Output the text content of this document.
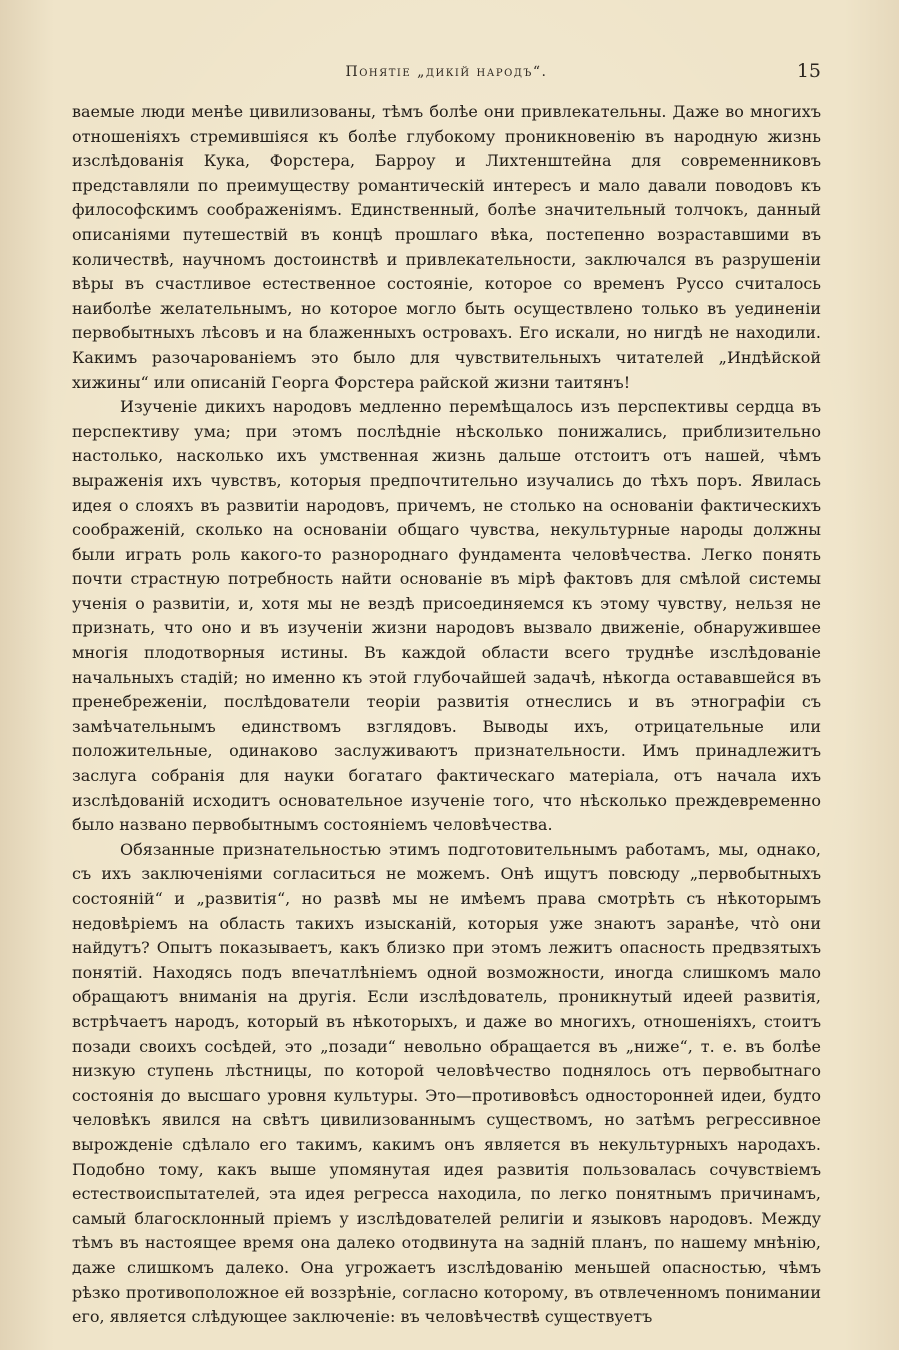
Понятiе „дикiй народъ“.	15

ваемые люди менѣе цивилизованы, тѣмъ болѣе они привлекательны. Даже во многихъ отношенiяхъ стремившiяся къ болѣе глубокому проникновенiю въ народную жизнь изслѣдованiя Кука, Форстера, Барроу и Лихтенштейна для современниковъ представляли по преимуществу романтическiй интересъ и мало давали поводовъ къ философскимъ соображенiямъ. Единственный, болѣе значительный толчокъ, данный описанiями путешествiй въ концѣ прошлаго вѣка, постепенно возраставшими въ количествѣ, научномъ достоинствѣ и привлекательности, заключался въ разрушенiи вѣры въ счастливое естественное состоянiе, которое со временъ Руссо считалось наиболѣе желательнымъ, но которое могло быть осуществлено только въ уединенiи первобытныхъ лѣсовъ и на блаженныхъ островахъ. Его искали, но нигдѣ не находили. Какимъ разочарованiемъ это было для чувствительныхъ читателей „Индѣйской хижины“ или описанiй Георга Форстера райской жизни таитянъ!

Изученiе дикихъ народовъ медленно перемѣщалось изъ перспективы сердца въ перспективу ума; при этомъ послѣднiе нѣсколько понижались, приблизительно настолько, насколько ихъ умственная жизнь дальше отстоитъ отъ нашей, чѣмъ выраженiя ихъ чувствъ, которыя предпочтительно изучались до тѣхъ поръ. Явилась идея о слояхъ въ развитiи народовъ, причемъ, не столько на основанiи фактическихъ соображенiй, сколько на основанiи общаго чувства, некультурные народы должны были играть роль какого-то разнороднаго фундамента человѣчества. Легко понять почти страстную потребность найти основанiе въ мiрѣ фактовъ для смѣлой системы ученiя о развитiи, и, хотя мы не вездѣ присоединяемся къ этому чувству, нельзя не признать, что оно и въ изученiи жизни народовъ вызвало движенiе, обнаружившее многiя плодотворныя истины. Въ каждой области всего труднѣе изслѣдованiе начальныхъ стадiй; но именно къ этой глубочайшей задачѣ, нѣкогда остававшейся въ пренебреженiи, послѣдователи теорiи развитiя отнеслись и въ этнографiи съ замѣчательнымъ единствомъ взглядовъ. Выводы ихъ, отрицательные или положительные, одинаково заслуживаютъ признательности. Имъ принадлежитъ заслуга собранiя для науки богатаго фактическаго матерiала, отъ начала ихъ изслѣдованiй исходитъ основательное изученiе того, что нѣсколько преждевременно было названо первобытнымъ состоянiемъ человѣчества.

Обязанные признательностью этимъ подготовительнымъ работамъ, мы, однако, съ ихъ заключенiями согласиться не можемъ. Онѣ ищутъ повсюду „первобытныхъ состоянiй“ и „развитiя“, но развѣ мы не имѣемъ права смотрѣть съ нѣкоторымъ недовѣрiемъ на область такихъ изысканiй, которыя уже знаютъ заранѣе, что̀ они найдутъ? Опытъ показываетъ, какъ близко при этомъ лежитъ опасность предвзятыхъ понятiй. Находясь подъ впечатлѣнiемъ одной возможности, иногда слишкомъ мало обращаютъ вниманiя на другiя. Если изслѣдователь, проникнутый идеей развитiя, встрѣчаетъ народъ, который въ нѣкоторыхъ, и даже во многихъ, отношенiяхъ, стоитъ позади своихъ сосѣдей, это „позади“ невольно обращается въ „ниже“, т. е. въ болѣе низкую ступень лѣстницы, по которой человѣчество поднялось отъ первобытнаго состоянiя до высшаго уровня культуры. Это—противовѣсъ односторонней идеи, будто человѣкъ явился на свѣтъ цивилизованнымъ существомъ, но затѣмъ регрессивное вырожденiе сдѣлало его такимъ, какимъ онъ является въ некультурныхъ народахъ. Подобно тому, какъ выше упомянутая идея развитiя пользовалась сочувствiемъ естествоиспытателей, эта идея регресса находила, по легко понятнымъ причинамъ, самый благосклонный прiемъ у изслѣдователей религiи и языковъ народовъ. Между тѣмъ въ настоящее время она далеко отодвинута на заднiй планъ, по нашему мнѣнiю, даже слишкомъ далеко. Она угрожаетъ изслѣдованiю меньшей опасностью, чѣмъ рѣзко противоположное ей воззрѣнiе, согласно которому, въ отвлеченномъ понимании его, является слѣдующее заключенiе: въ человѣчествѣ существуетъ
